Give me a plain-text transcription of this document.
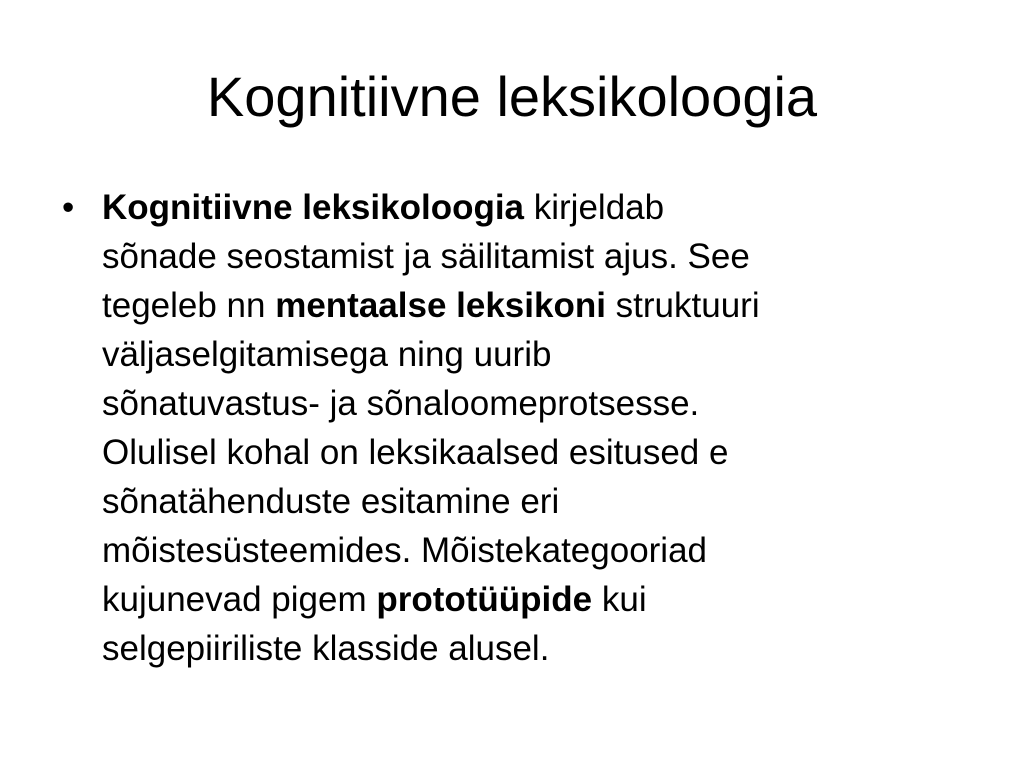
Kognitiivne leksikoloogia
• Kognitiivne leksikoloogia kirjeldab
sõnade seostamist ja säilitamist ajus. See
tegeleb nn mentaalse leksikoni struktuuri
väljaselgitamisega ning uurib
sõnatuvastus- ja sõnaloomeprotsesse.
Olulisel kohal on leksikaalsed esitused e
sõnatähenduste esitamine eri
mõistesüsteemides. Mõistekategooriad
kujunevad pigem prototüüpide kui
selgepiiriliste klasside alusel.
